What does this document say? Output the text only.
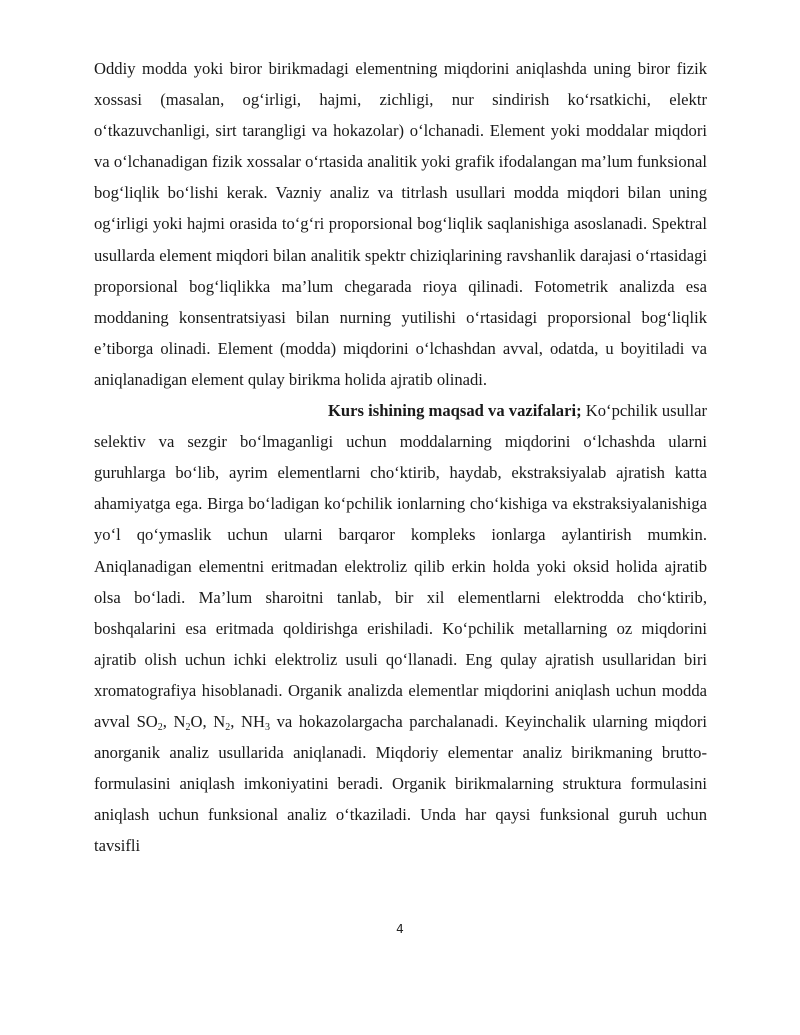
Oddiy modda yoki biror birikmadagi elementning miqdorini aniqlashda uning biror fizik xossasi (masalan, og‘irligi, hajmi, zichligi, nur sindirish ko‘rsatkichi, elektr o‘tkazuvchanligi, sirt tarangligi va hokazolar) o‘lchanadi. Element yoki moddalar miqdori va o‘lchanadigan fizik xossalar o‘rtasida analitik yoki grafik ifodalangan ma’lum funksional bog‘liqlik bo‘lishi kerak. Vazniy analiz va titrlash usullari modda miqdori bilan uning og‘irligi yoki hajmi orasida to‘g‘ri proporsional bog‘liqlik saqlanishiga asoslanadi. Spektral usullarda element miqdori bilan analitik spektr chiziqlarining ravshanlik darajasi o‘rtasidagi proporsional bog‘liqlikka ma’lum chegarada rioya qilinadi. Fotometrik analizda esa moddaning konsentratsiyasi bilan nurning yutilishi o‘rtasidagi proporsional bog‘liqlik e’tiborga olinadi. Element (modda) miqdorini o‘lchashdan avval, odatda, u boyitiladi va aniqlanadigan element qulay birikma holida ajratib olinadi.

Kurs ishining maqsad va vazifalari; Ko‘pchilik usullar selektiv va sezgir bo‘lmaganligi uchun moddalarning miqdorini o‘lchashda ularni guruhlarga bo‘lib, ayrim elementlarni cho‘ktirib, haydab, ekstraksiyalab ajratish katta ahamiyatga ega. Birga bo‘ladigan ko‘pchilik ionlarning cho‘kishiga va ekstraksiyalanishiga yo‘l qo‘ymaslik uchun ularni barqaror kompleks ionlarga aylantirish mumkin. Aniqlanadigan elementni eritmadan elektroliz qilib erkin holda yoki oksid holida ajratib olsa bo‘ladi. Ma’lum sharoitni tanlab, bir xil elementlarni elektrodda cho‘ktirib, boshqalarini esa eritmada qoldirishga erishiladi. Ko‘pchilik metallarning oz miqdorini ajratib olish uchun ichki elektroliz usuli qo‘llanadi. Eng qulay ajratish usullaridan biri xromatografiya hisoblanadi. Organik analizda elementlar miqdorini aniqlash uchun modda avval $SO_2$, $N_2O$, $N_2$, $NH_3$ va hokazolargacha parchalanadi. Keyinchalik ularning miqdori anorganik analiz usullarida aniqlanadi. Miqdoriy elementar analiz birikmaning brutto-formulasini aniqlash imkoniyatini beradi. Organik birikmalarning struktura formulasini aniqlash uchun funksional analiz o‘tkaziladi. Unda har qaysi funksional guruh uchun tavsifli

4
